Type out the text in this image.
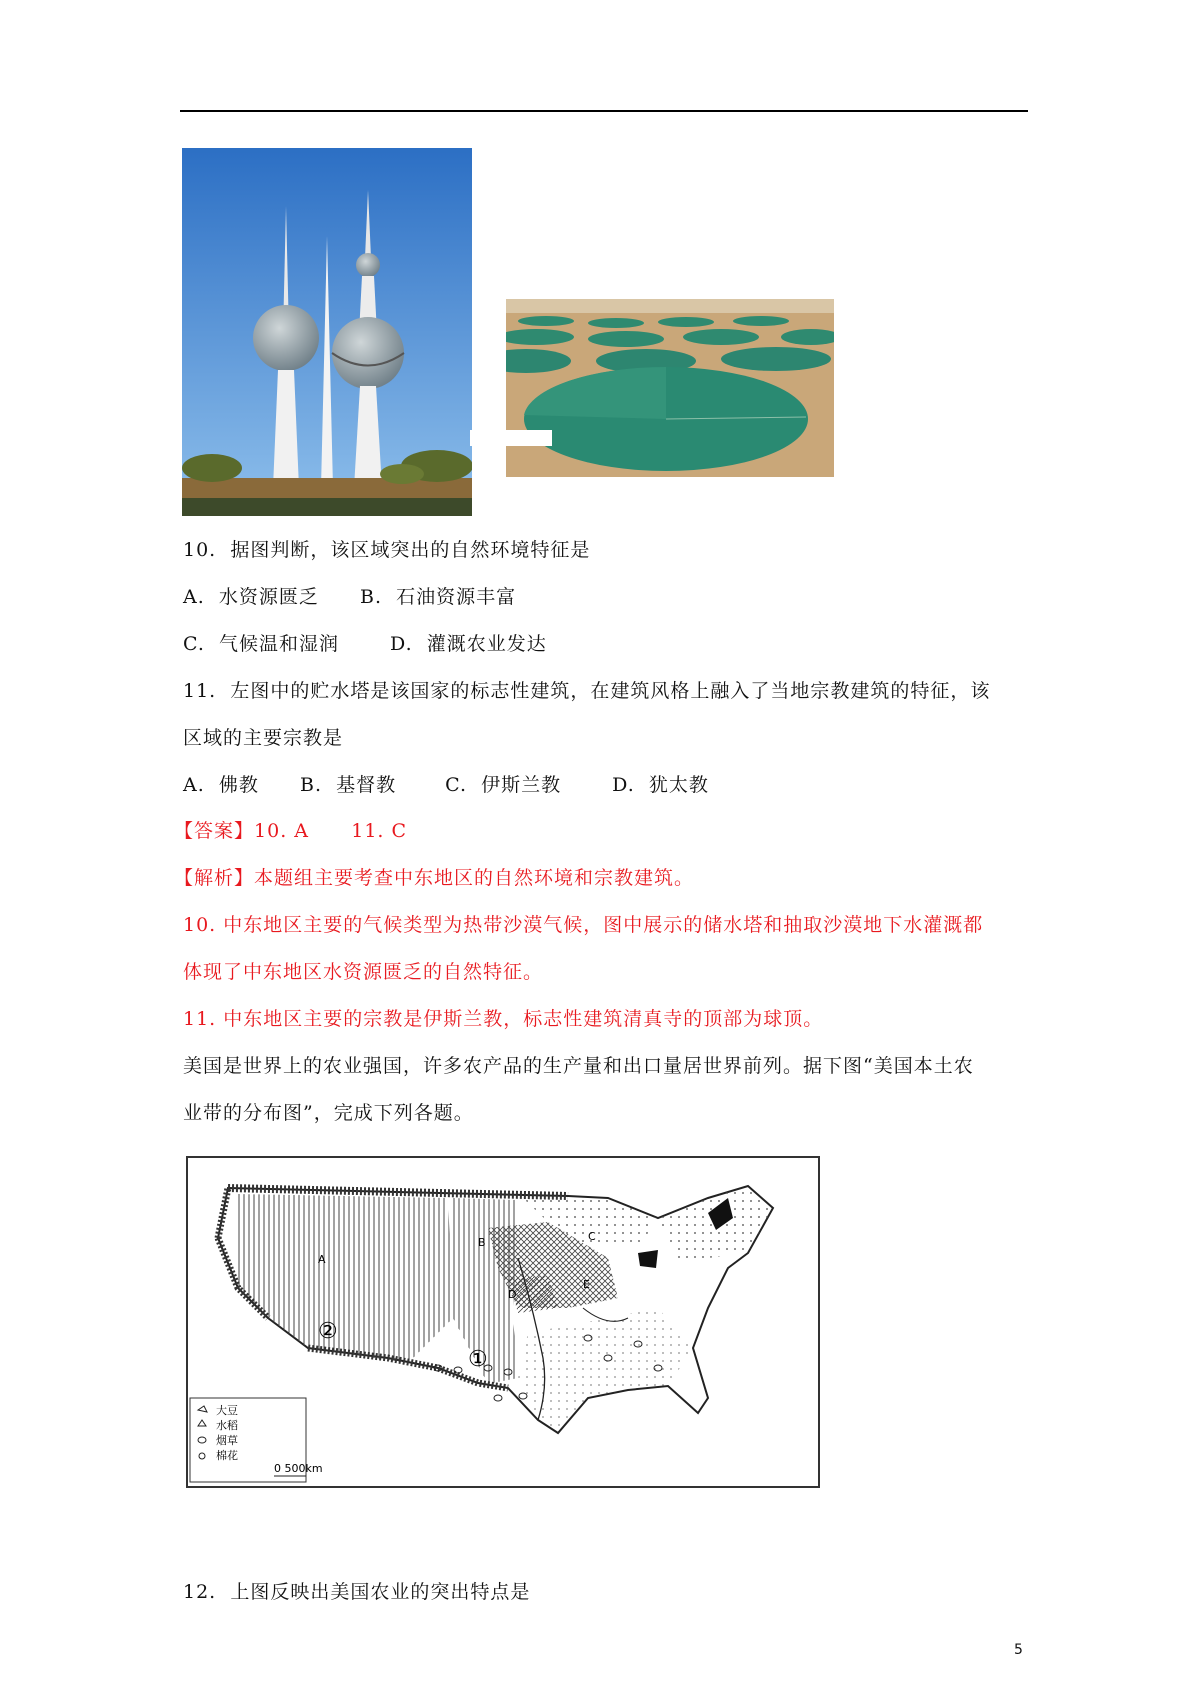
10. 据图判断，该区域突出的自然环境特征是
A. 水资源匮乏 B. 石油资源丰富
C. 气候温和湿润	D. 灌溉农业发达
11. 左图中的贮水塔是该国家的标志性建筑，在建筑风格上融入了当地宗教建筑的特征，该
区域的主要宗教是
A. 佛教 B. 基督教	C. 伊斯兰教	D. 犹太教
【答案】10. A 11. C
【解析】本题组主要考查中东地区的自然环境和宗教建筑。
10. 中东地区主要的气候类型为热带沙漠气候，图中展示的储水塔和抽取沙漠地下水灌溉都
体现了中东地区水资源匮乏的自然特征。
11. 中东地区主要的宗教是伊斯兰教，标志性建筑清真寺的顶部为球顶。
美国是世界上的农业强国，许多农产品的生产量和出口量居世界前列。据下图“美国本土农
业带的分布图”，完成下列各题。
A
B	C
D
E
①
②
大豆
水稻
烟草
棉花
0 500km
12. 上图反映出美国农业的突出特点是
5
